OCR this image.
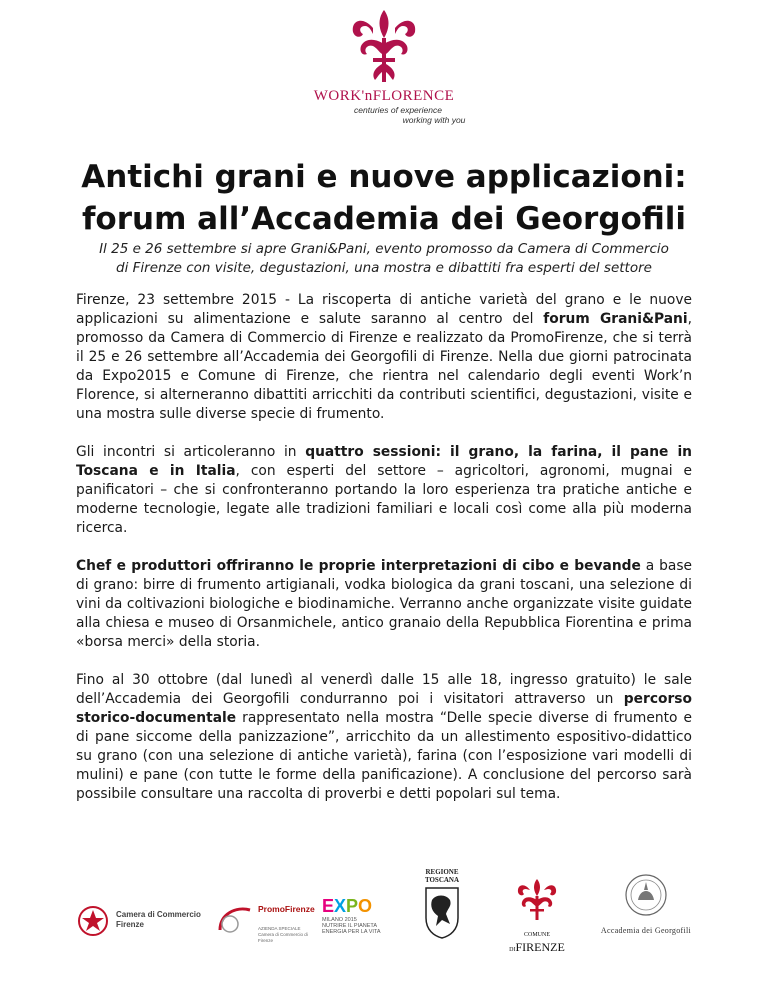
WORK'nFLORENCE
centuries of experience
working with you
Antichi grani e nuove applicazioni:
forum all’Accademia dei Georgofili

Il 25 e 26 settembre si apre Grani&Pani, evento promosso da Camera di Commercio
di Firenze con visite, degustazioni, una mostra e dibattiti fra esperti del settore

Firenze, 23 settembre 2015 - La riscoperta di antiche varietà del grano e le nuove applicazioni su alimentazione e salute saranno al centro del forum Grani&Pani, promosso da Camera di Commercio di Firenze e realizzato da PromoFirenze, che si terrà il 25 e 26 settembre all’Accademia dei Georgofili di Firenze. Nella due giorni patrocinata da Expo2015 e Comune di Firenze, che rientra nel calendario degli eventi Work’n Florence, si alterneranno dibattiti arricchiti da contributi scientifici, degustazioni, visite e una mostra sulle diverse specie di frumento.

Gli incontri si articoleranno in quattro sessioni: il grano, la farina, il pane in Toscana e in Italia, con esperti del settore – agricoltori, agronomi, mugnai e panificatori – che si confronteranno portando la loro esperienza tra pratiche antiche e moderne tecnologie, legate alle tradizioni familiari e locali così come alla più moderna ricerca.

Chef e produttori offriranno le proprie interpretazioni di cibo e bevande a base di grano: birre di frumento artigianali, vodka biologica da grani toscani, una selezione di vini da coltivazioni biologiche e biodinamiche. Verranno anche organizzate visite guidate alla chiesa e museo di Orsanmichele, antico granaio della Repubblica Fiorentina e prima «borsa merci» della storia.

Fino al 30 ottobre (dal lunedì al venerdì dalle 15 alle 18, ingresso gratuito) le sale dell’Accademia dei Georgofili condurranno poi i visitatori attraverso un percorso storico-documentale rappresentato nella mostra “Delle specie diverse di frumento e di pane siccome della panizzazione”, arricchito da un allestimento espositivo-didattico su grano (con una selezione di antiche varietà), farina (con l’esposizione vari modelli di mulini) e pane (con tutte le forme della panificazione). A conclusione del percorso sarà possibile consultare una raccolta di proverbi e detti popolari sul tema.

Camera di Commercio
Firenze
PromoFirenze
AZIENDA SPECIALE
Camera di Commercio di Firenze
EXPO
MILANO 2015
NUTRIRE IL PIANETA
ENERGIA PER LA VITA
REGIONE
TOSCANA
COMUNE
DIFIRENZE
Accademia dei Georgofili
